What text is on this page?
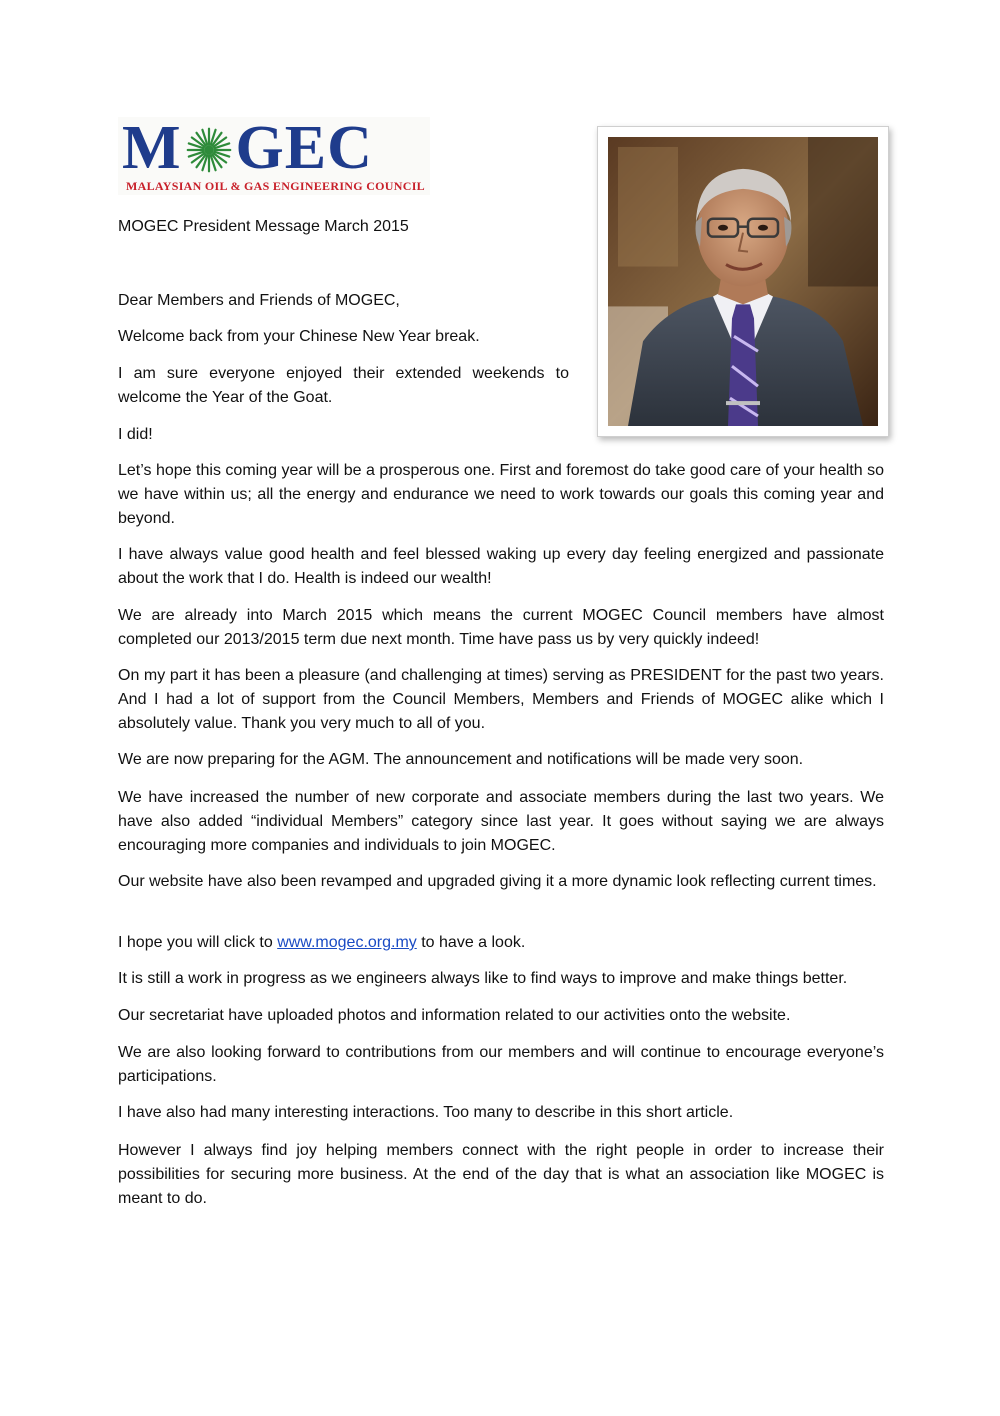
M GEC
MALAYSIAN OIL & GAS ENGINEERING COUNCIL
MOGEC President Message March 2015
Dear Members and Friends of MOGEC,
Welcome back from your Chinese New Year break.
I am sure everyone enjoyed their extended weekends to welcome the Year of the Goat.
I did!
Let’s hope this coming year will be a prosperous one. First and foremost do take good care of your health so we have within us; all the energy and endurance we need to work towards our goals this coming year and beyond.
I have always value good health and feel blessed waking up every day feeling energized and passionate about the work that I do. Health is indeed our wealth!
We are already into March 2015 which means the current MOGEC Council members have almost completed our 2013/2015 term due next month. Time have pass us by very quickly indeed!
On my part it has been a pleasure (and challenging at times) serving as PRESIDENT for the past two years. And I had a lot of support from the Council Members, Members and Friends of MOGEC alike which I absolutely value. Thank you very much to all of you.
We are now preparing for the AGM. The announcement and notifications will be made very soon.
We have increased the number of new corporate and associate members during the last two years. We have also added “individual Members” category since last year. It goes without saying we are always encouraging more companies and individuals to join MOGEC.
Our website have also been revamped and upgraded giving it a more dynamic look reflecting current times.
I hope you will click to www.mogec.org.my to have a look.
It is still a work in progress as we engineers always like to find ways to improve and make things better.
Our secretariat have uploaded photos and information related to our activities onto the website.
We are also looking forward to contributions from our members and will continue to encourage everyone’s participations.
I have also had many interesting interactions. Too many to describe in this short article.
However I always find joy helping members connect with the right people in order to increase their possibilities for securing more business. At the end of the day that is what an association like MOGEC is meant to do.
